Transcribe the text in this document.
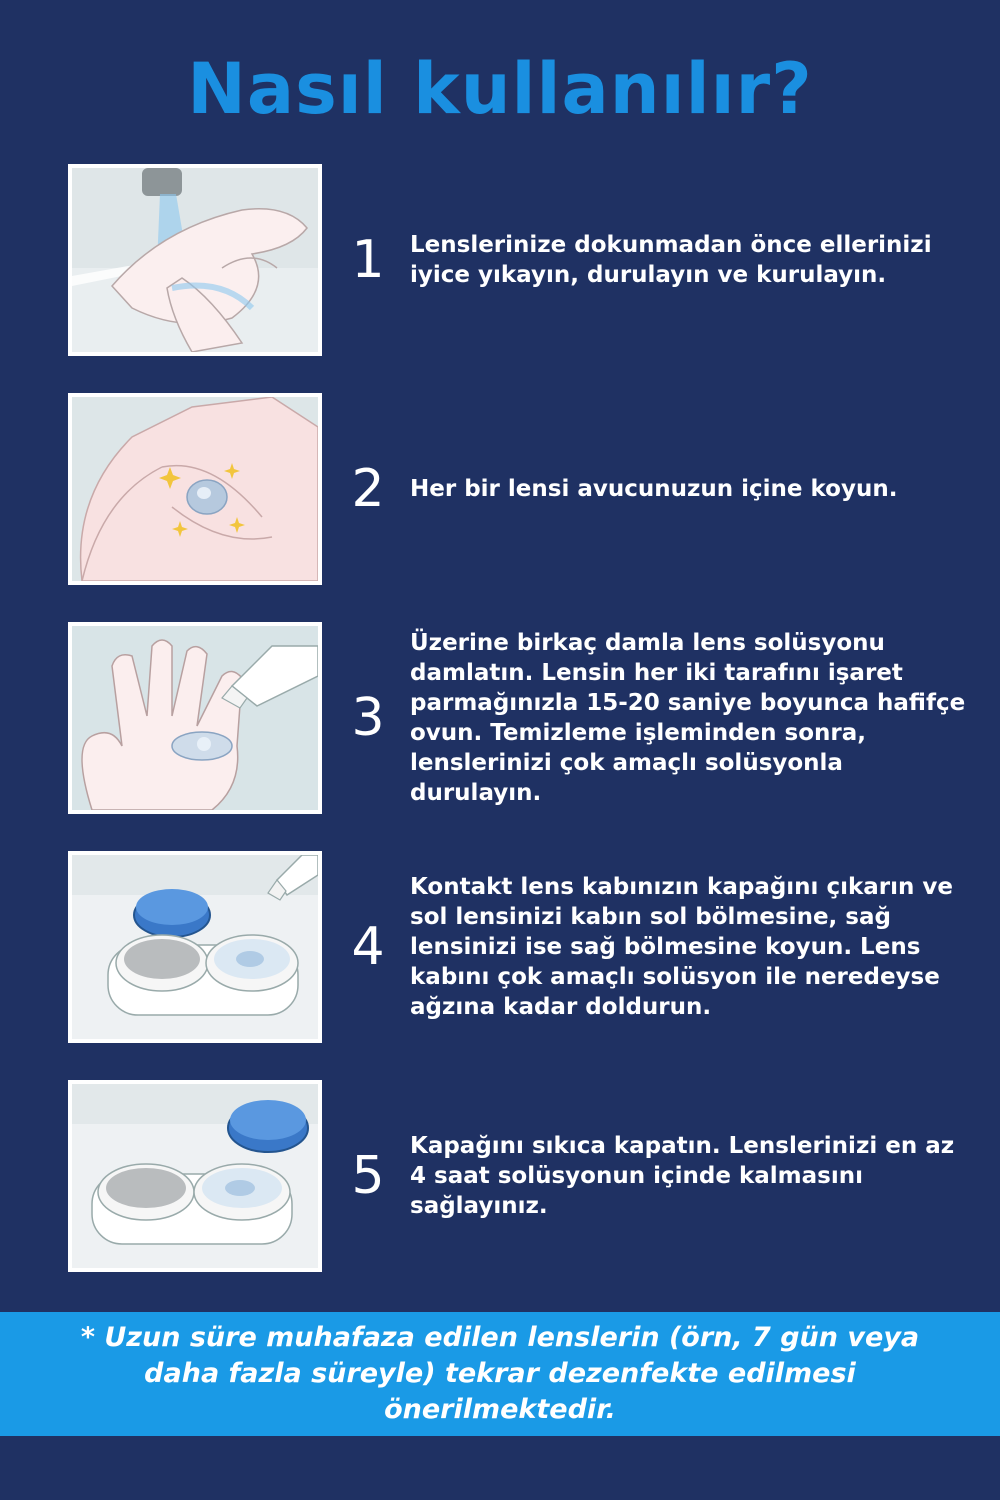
Nasıl kullanılır?
1	Lenslerinize dokunmadan önce ellerinizi iyice yıkayın, durulayın ve kurulayın.
2	Her bir lensi avucunuzun içine koyun.
3
Üzerine birkaç damla lens solüsyonu damlatın. Lensin her iki tarafını işaret parmağınızla 15-20 saniye boyunca hafifçe ovun. Temizleme işleminden sonra, lenslerinizi çok amaçlı solüsyonla durulayın.
4
Kontakt lens kabınızın kapağını çıkarın ve sol lensinizi kabın sol bölmesine, sağ lensinizi ise sağ bölmesine koyun. Lens kabını çok amaçlı solüsyon ile neredeyse ağzına kadar doldurun.
5	Kapağını sıkıca kapatın. Lenslerinizi en az 4 saat solüsyonun içinde kalmasını sağlayınız.
* Uzun süre muhafaza edilen lenslerin (örn, 7 gün veya daha fazla süreyle) tekrar dezenfekte edilmesi önerilmektedir.
